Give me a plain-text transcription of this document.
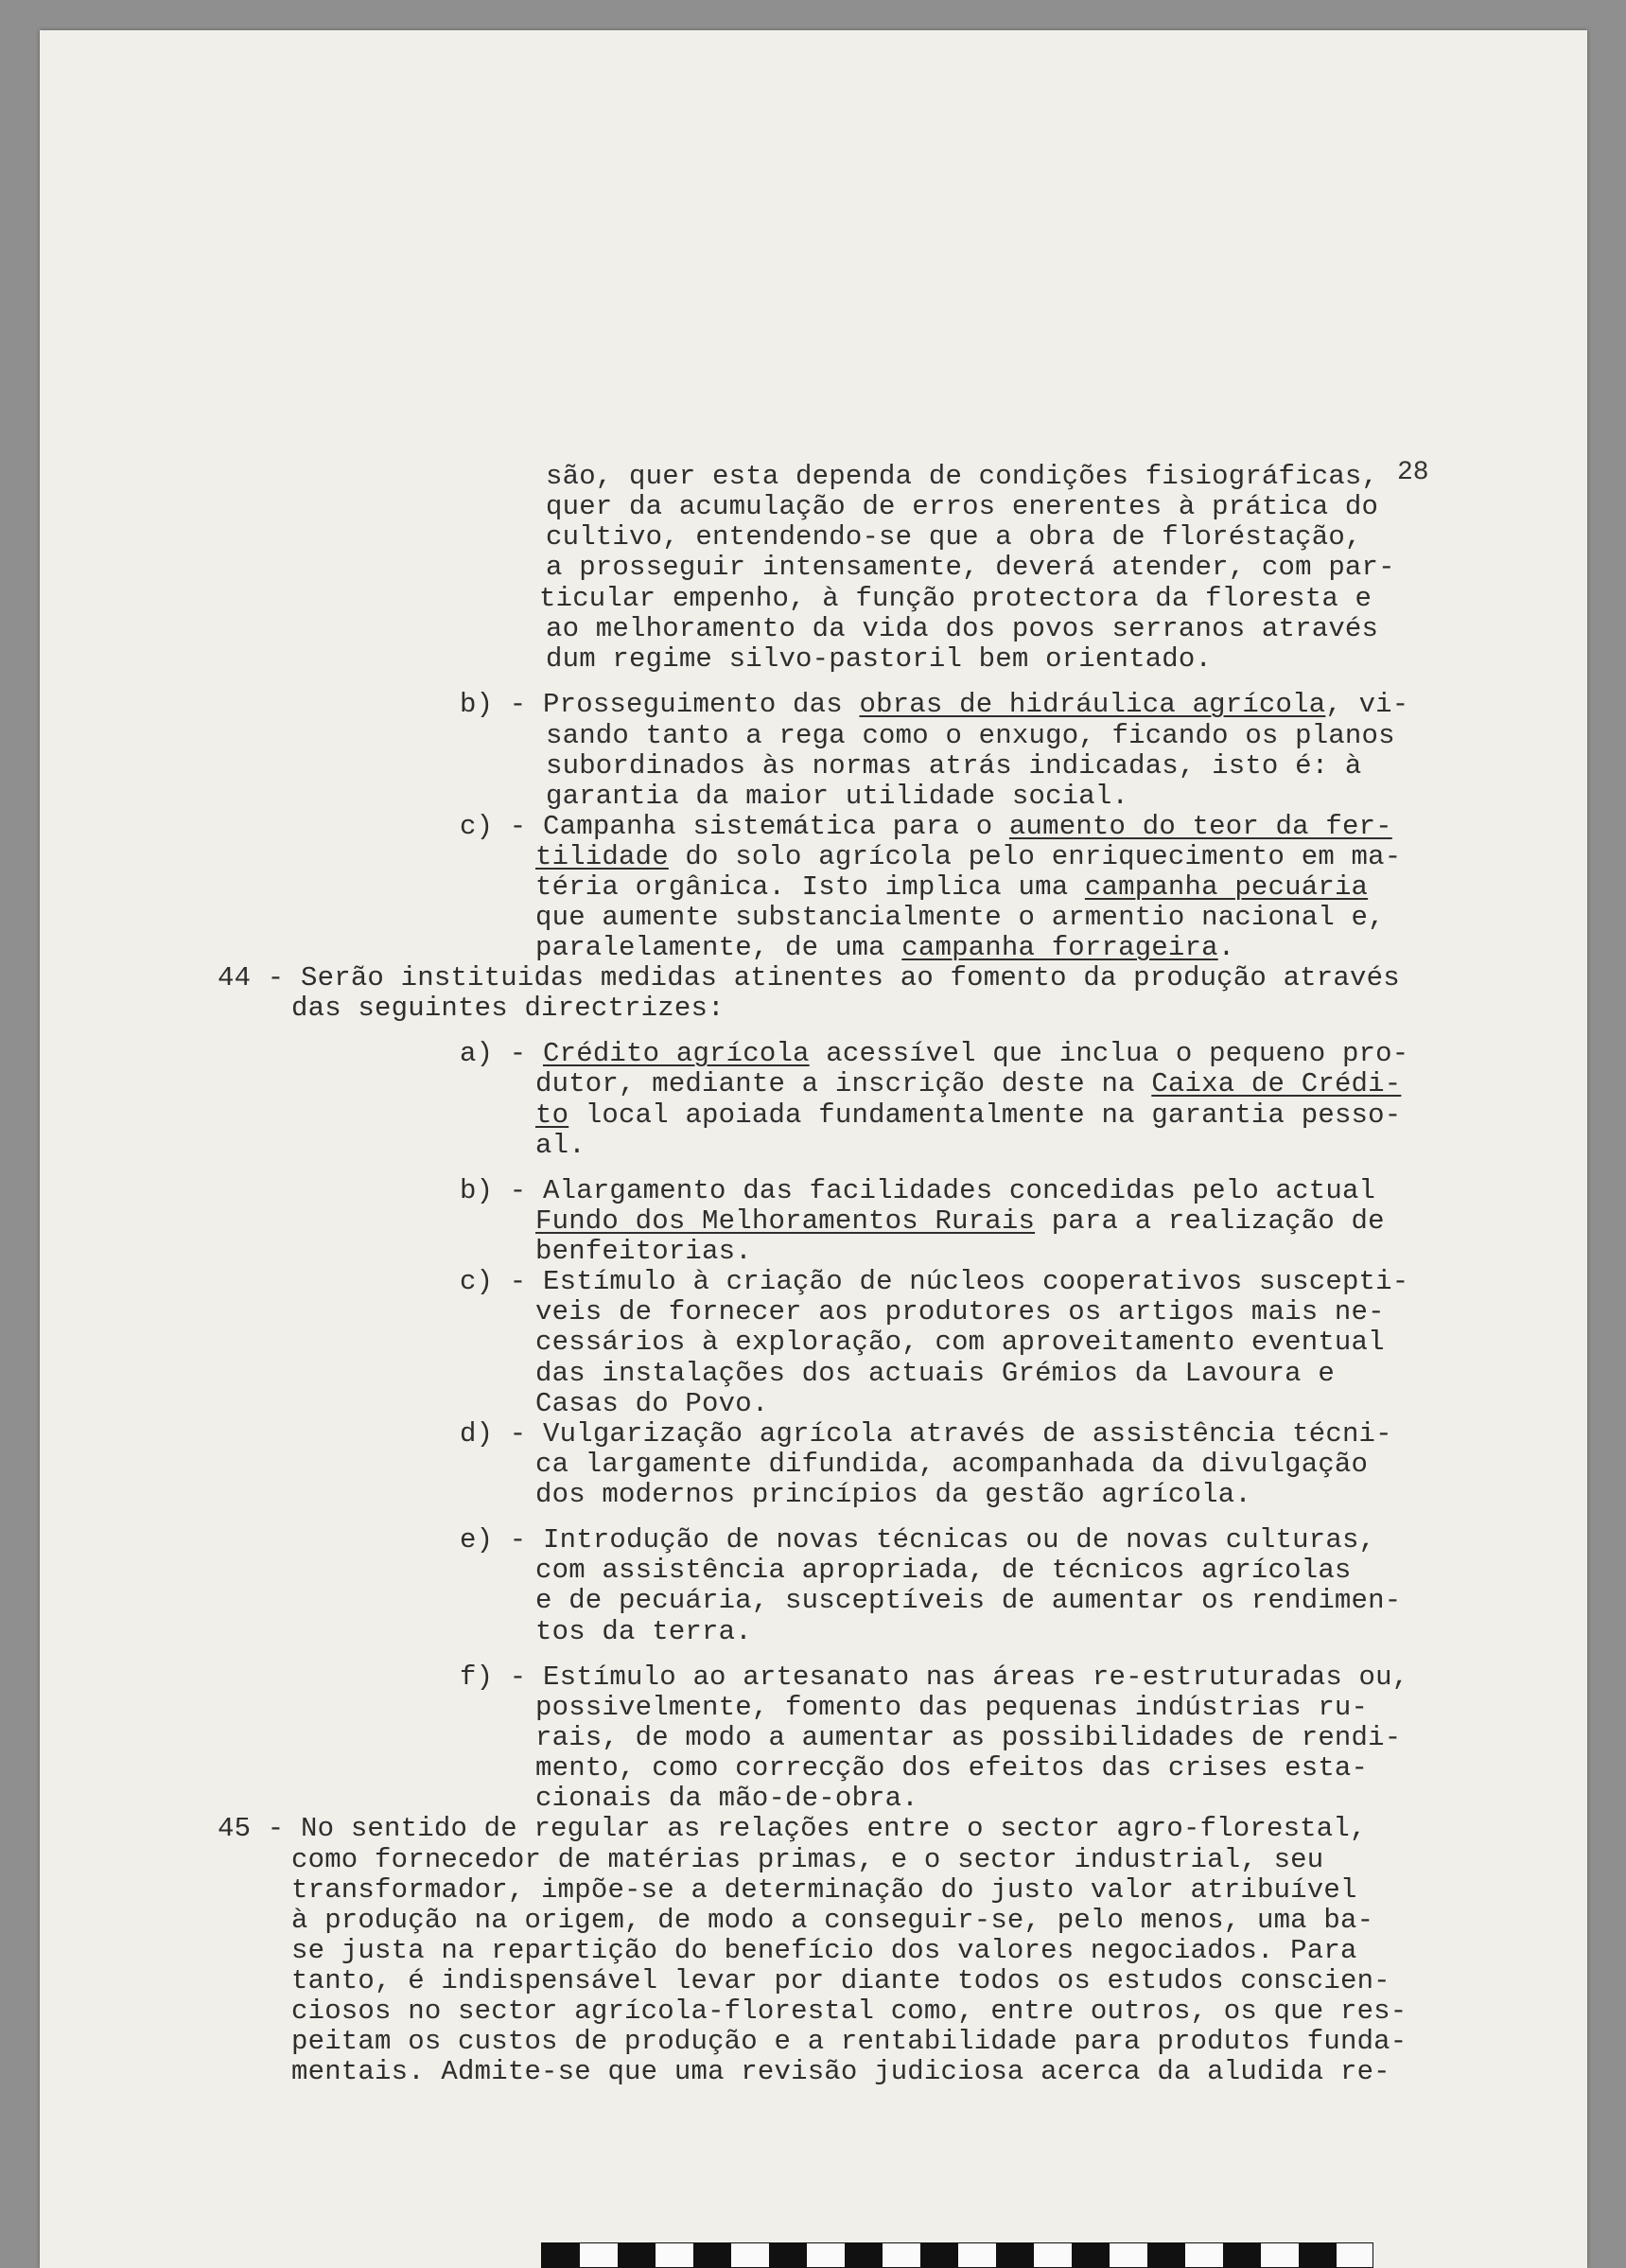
28
são, quer esta dependa de condições fisiográficas,
quer da acumulação de erros enerentes à prática do
cultivo, entendendo-se que a obra de floréstação,
a prosseguir intensamente, deverá atender, com par-
ticular empenho, à função protectora da floresta e
ao melhoramento da vida dos povos serranos através
dum regime silvo-pastoril bem orientado.
b) - Prosseguimento das obras de hidráulica agrícola, vi-
sando tanto a rega como o enxugo, ficando os planos
subordinados às normas atrás indicadas, isto é: à
garantia da maior utilidade social.
c) - Campanha sistemática para o aumento do teor da fer-
tilidade do solo agrícola pelo enriquecimento em ma-
téria orgânica. Isto implica uma campanha pecuária
que aumente substancialmente o armentio nacional e,
paralelamente, de uma campanha forrageira.
44 - Serão instituidas medidas atinentes ao fomento da produção através
das seguintes directrizes:
a) - Crédito agrícola acessível que inclua o pequeno pro-
dutor, mediante a inscrição deste na Caixa de Crédi-
to local apoiada fundamentalmente na garantia pesso-
al.
b) - Alargamento das facilidades concedidas pelo actual
Fundo dos Melhoramentos Rurais para a realização de
benfeitorias.
c) - Estímulo à criação de núcleos cooperativos suscepti-
veis de fornecer aos produtores os artigos mais ne-
cessários à exploração, com aproveitamento eventual
das instalações dos actuais Grémios da Lavoura e
Casas do Povo.
d) - Vulgarização agrícola através de assistência técni-
ca largamente difundida, acompanhada da divulgação
dos modernos princípios da gestão agrícola.
e) - Introdução de novas técnicas ou de novas culturas,
com assistência apropriada, de técnicos agrícolas
e de pecuária, susceptíveis de aumentar os rendimen-
tos da terra.
f) - Estímulo ao artesanato nas áreas re-estruturadas ou,
possivelmente, fomento das pequenas indústrias ru-
rais, de modo a aumentar as possibilidades de rendi-
mento, como correcção dos efeitos das crises esta-
cionais da mão-de-obra.
45 - No sentido de regular as relações entre o sector agro-florestal,
como fornecedor de matérias primas, e o sector industrial, seu
transformador, impõe-se a determinação do justo valor atribuível
à produção na origem, de modo a conseguir-se, pelo menos, uma ba-
se justa na repartição do benefício dos valores negociados. Para
tanto, é indispensável levar por diante todos os estudos conscien-
ciosos no sector agrícola-florestal como, entre outros, os que res-
peitam os custos de produção e a rentabilidade para produtos funda-
mentais. Admite-se que uma revisão judiciosa acerca da aludida re-
